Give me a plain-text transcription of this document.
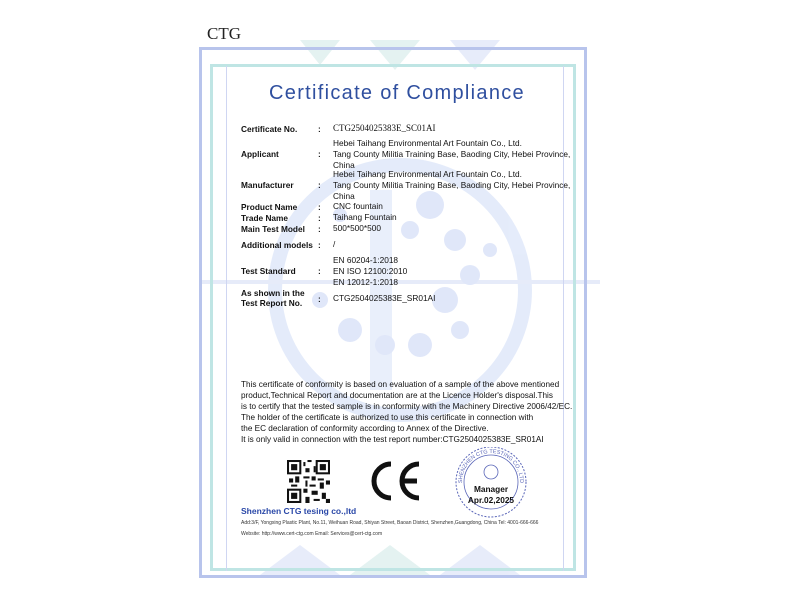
CTG
Certificate of Compliance
Certificate No.	: CTG2504025383E_SC01AI
Applicant	:
Hebei Taihang Environmental Art Fountain Co., Ltd.
Tang County Militia Training Base, Baoding City, Hebei Province,
China
Manufacturer	:
Hebei Taihang Environmental Art Fountain Co., Ltd.
Tang County Militia Training Base, Baoding City, Hebei Province,
China
Product Name	: CNC fountain
Trade Name	: Taihang Fountain
Main Test Model : 500*500*500
Additional models : /
Test Standard	:
EN 60204-1:2018
EN ISO 12100:2010
EN 12012-1:2018
As shown in the
Test Report No. : CTG2504025383E_SR01AI
This certificate of conformity is based on evaluation of a sample of the above mentioned
product,Technical Report and documentation are at the Licence Holder's disposal.This
is to certify that the tested sample is in conformity with the Machinery Directive 2006/42/EC.
The holder of the certificate is authorized to use this certificate in connection with
the EC declaration of conformity according to Annex of the Directive.
It is only valid in connection with the test report number:CTG2504025383E_SR01AI
SHENZHEN CTG TESTING CO., LTD
Manager
Apr.02,2025
Shenzhen CTG tesing co.,ltd
Add:3/F, Yongxing Plastic Plant, No.11, Weihuan Road, Shiyan Street, Baoan District, Shenzhen,Guangdong, China Tel: 4001-666-666
Website: http://www.cert-ctg.com Email: Services@cert-ctg.com
